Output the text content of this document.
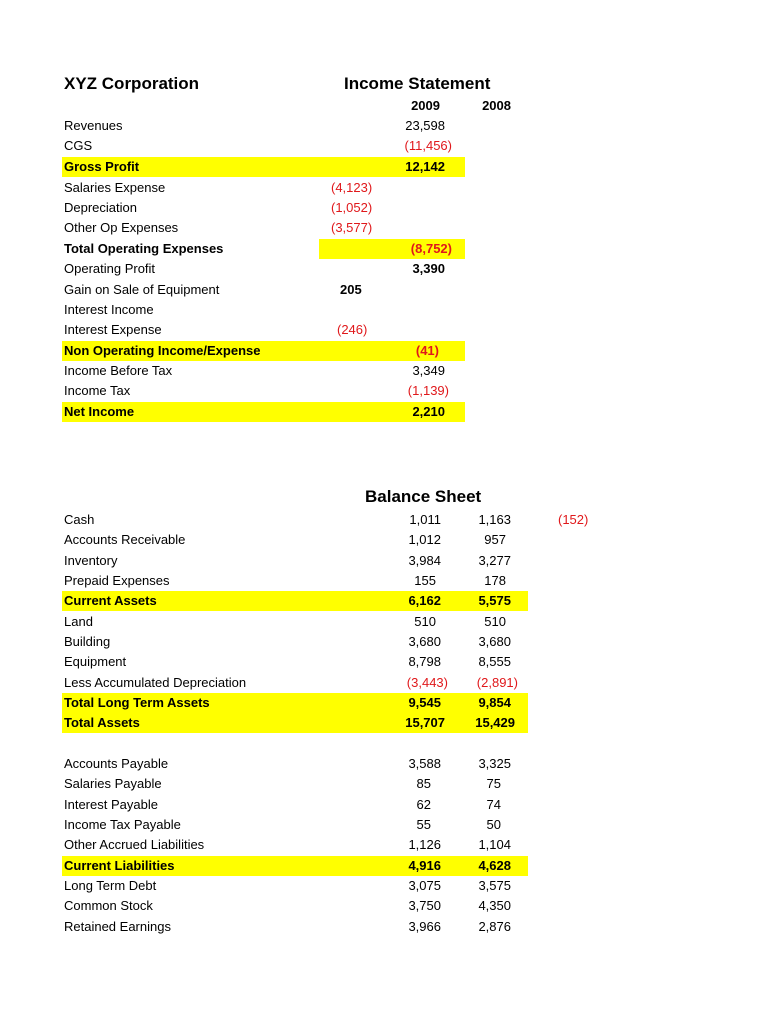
XYZ Corporation	Income Statement
2009	2008
Revenues	23,598
CGS	(11,456)
Gross Profit	12,142
Salaries Expense	(4,123)
Depreciation	(1,052)
Other Op Expenses	(3,577)
Total Operating Expenses	(8,752)
Operating Profit	3,390
Gain on Sale of Equipment	205
Interest Income
Interest Expense	(246)
Non Operating Income/Expense	(41)
Income Before Tax	3,349
Income Tax	(1,139)
Net Income	2,210
Balance Sheet
Cash	1,011	1,163	(152)
Accounts Receivable	1,012	957
Inventory	3,984	3,277
Prepaid Expenses	155	178
Current Assets	6,162	5,575
Land	510	510
Building	3,680	3,680
Equipment	8,798	8,555
Less Accumulated Depreciation	(3,443)	(2,891)
Total Long Term Assets	9,545	9,854
Total Assets	15,707	15,429
Accounts Payable	3,588	3,325
Salaries Payable	85	75
Interest Payable	62	74
Income Tax Payable	55	50
Other Accrued Liabilities	1,126	1,104
Current Liabilities	4,916	4,628
Long Term Debt	3,075	3,575
Common Stock	3,750	4,350
Retained Earnings	3,966	2,876
